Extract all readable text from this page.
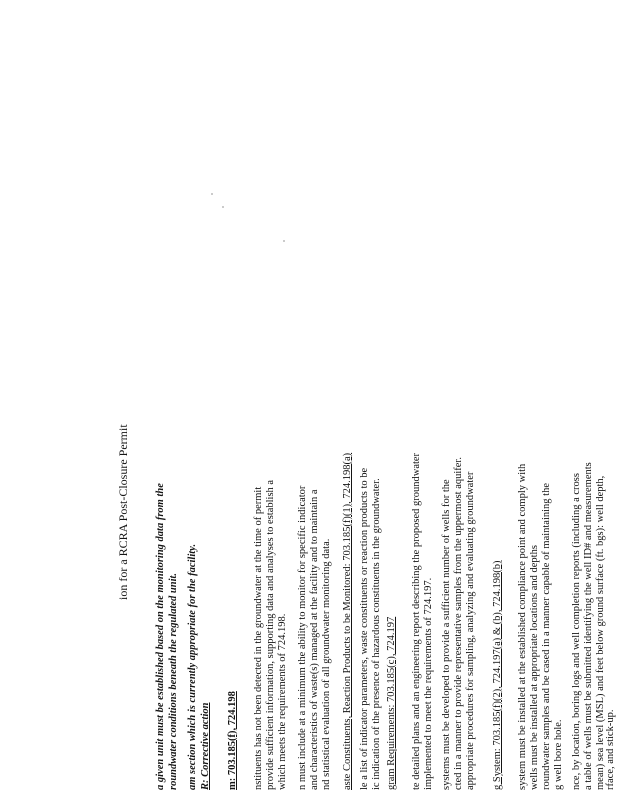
ion for a RCRA Post-Closure Permit a given unit must be established based on the monitoring data from the roundwater conditions beneath the regulated unit. am section which is currently appropriate for the facility. R: Corrective action m: 703.185(f), 724.198 nstituents has not been detected in the groundwater at the time of permit provide sufficient information, supporting data and analyses to establish a which meets the requirements of 724.198. n must include at a minimum the ability to monitor for specific indicator and characteristics of waste(s) managed at the facility and to maintain a nd statistical evaluation of all groundwater monitoring data. aste Constituents, Reaction Products to be Monitored: 703.185(f)(1), 724.198(a) le a list of indicator parameters, waste constituents or reaction products to be ic indication of the presence of hazardous constituents in the groundwater. gram Requirements: 703.185(c), 724.197 te detailed plans and an engineering report describing the proposed groundwater implemented to meet the requirements of 724.197. systems must be developed to provide a sufficient number of wells for the cted in a manner to provide representative samples from the uppermost aquifer. appropriate procedures for sampling, analyzing and evaluating groundwater g System: 703.185(f)(2), 724.197(a) & (b), 724.198(b) system must be installed at the established compliance point and comply with wells must be installed at appropriate locations and depths roundwater samples and be cased in a manner capable of maintaining the g well bore hole. nce, by location, boring logs and well completion reports (including a cross a table of wells must be submitted identifying the well ID# and measurements mean) sea level (MSL) and feet below ground surface (ft. bgs): well depth, rface, and stick-up.
